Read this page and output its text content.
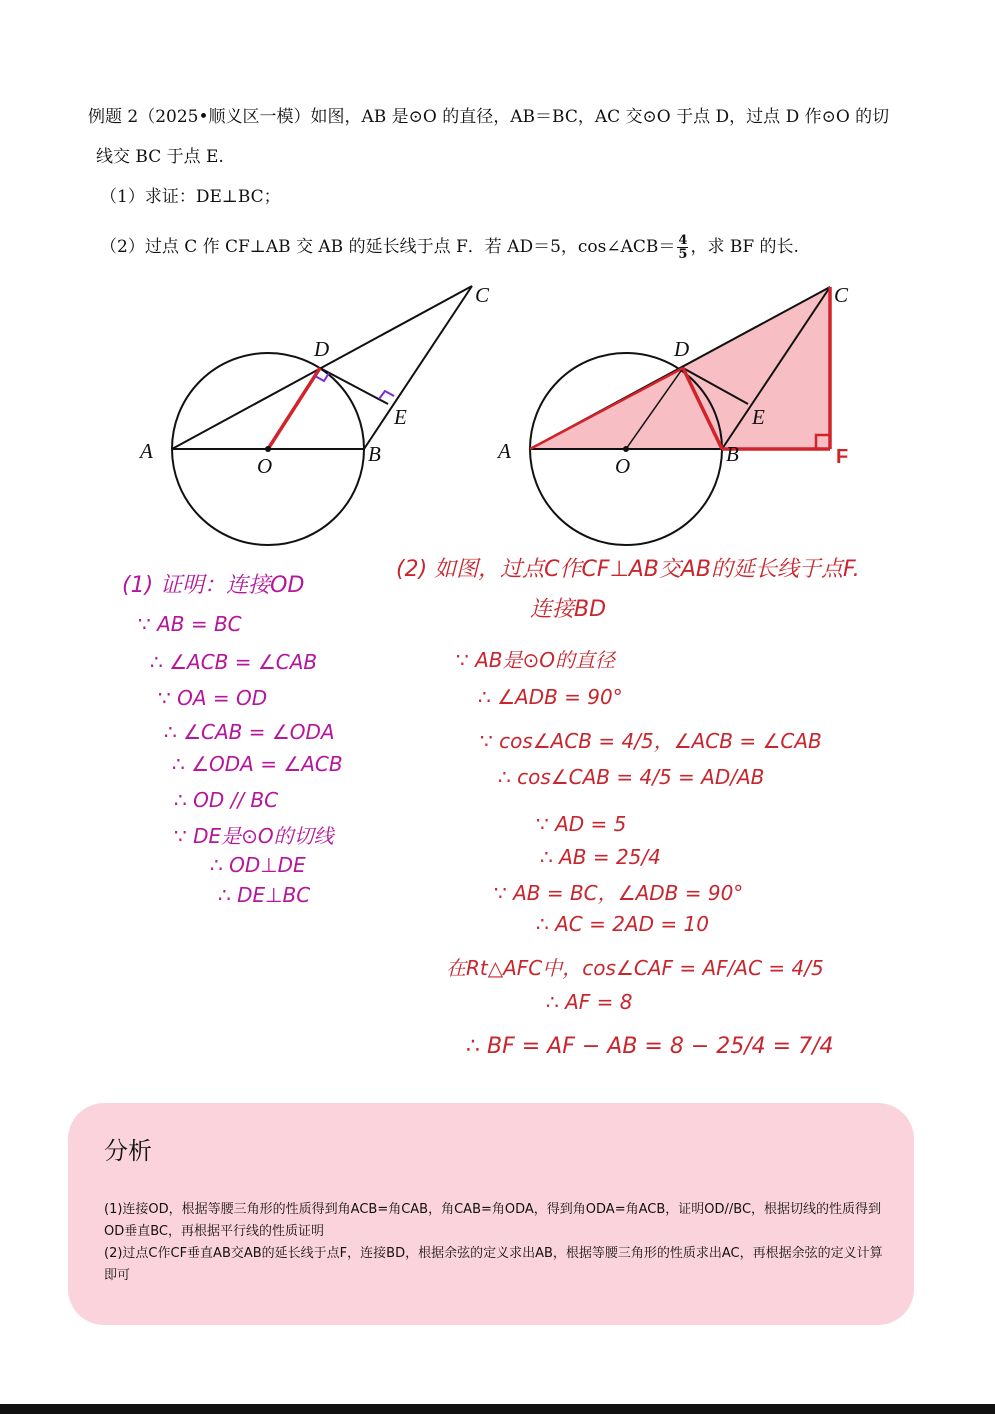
例题 2（2025•顺义区一模）如图，AB 是⊙O 的直径，AB＝BC，AC 交⊙O 于点 D，过点 D 作⊙O 的切
线交 BC 于点 E.
（1）求证：DE⊥BC；
（2）过点 C 作 CF⊥AB 交 AB 的延长线于点 F．若 AD＝5，cos∠ACB＝ $\frac{4}{5}$ ，求 BF 的长.
A
O	B
D
E
C
A
O	B
D
E
C
F
(1) 证明：连接OD
∵ AB = BC
∴ ∠ACB = ∠CAB
∵ OA = OD
∴ ∠CAB = ∠ODA
∴ ∠ODA = ∠ACB
∴ OD // BC
∵ DE是⊙O的切线
∴ OD⊥DE
∴ DE⊥BC
(2) 如图，过点C作CF⊥AB交AB的延长线于点F.
连接BD
∵ AB是⊙O的直径
∴ ∠ADB = 90°
∵ cos∠ACB = 4/5，∠ACB = ∠CAB
∴ cos∠CAB = 4/5 = AD/AB
∵ AD = 5
∴ AB = 25/4
∵ AB = BC，∠ADB = 90°
∴ AC = 2AD = 10
在Rt△AFC中，cos∠CAF = AF/AC = 4/5
∴ AF = 8
∴ BF = AF − AB = 8 − 25/4 = 7/4
分析
(1)连接OD，根据等腰三角形的性质得到角ACB=角CAB，角CAB=角ODA，得到角ODA=角ACB，证明OD//BC，根据切线的性质得到OD垂直BC，再根据平行线的性质证明
(2)过点C作CF垂直AB交AB的延长线于点F，连接BD，根据余弦的定义求出AB，根据等腰三角形的性质求出AC，再根据余弦的定义计算即可
